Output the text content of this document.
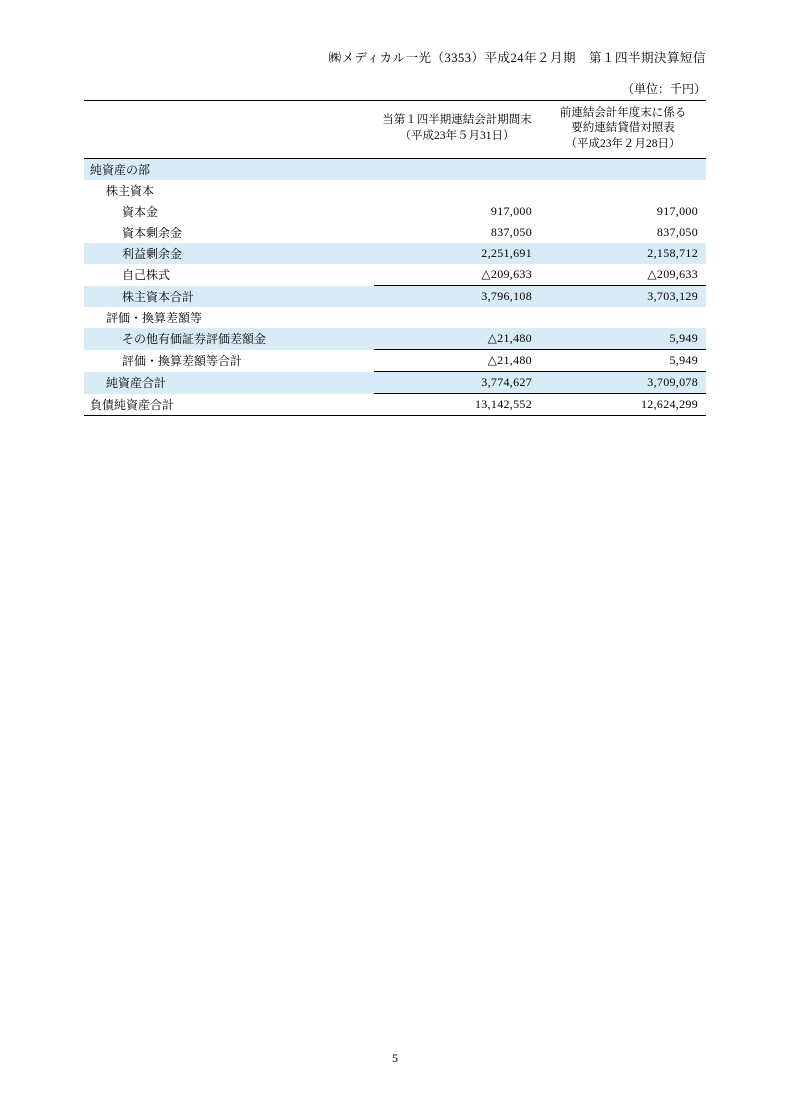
㈱メディカル一光（3353）平成24年２月期　第１四半期決算短信
（単位：千円）

当第１四半期連結会計期間末
（平成23年５月31日）

前連結会計年度末に係る
要約連結貸借対照表
（平成23年２月28日）

純資産の部		
株主資本		
資本金	917,000	917,000
資本剰余金	837,050	837,050
利益剰余金	2,251,691	2,158,712
自己株式	△209,633	△209,633
株主資本合計	3,796,108	3,703,129
評価・換算差額等		
その他有価証券評価差額金	△21,480	5,949
評価・換算差額等合計	△21,480	5,949
純資産合計	3,774,627	3,709,078
負債純資産合計	13,142,552	12,624,299
5
